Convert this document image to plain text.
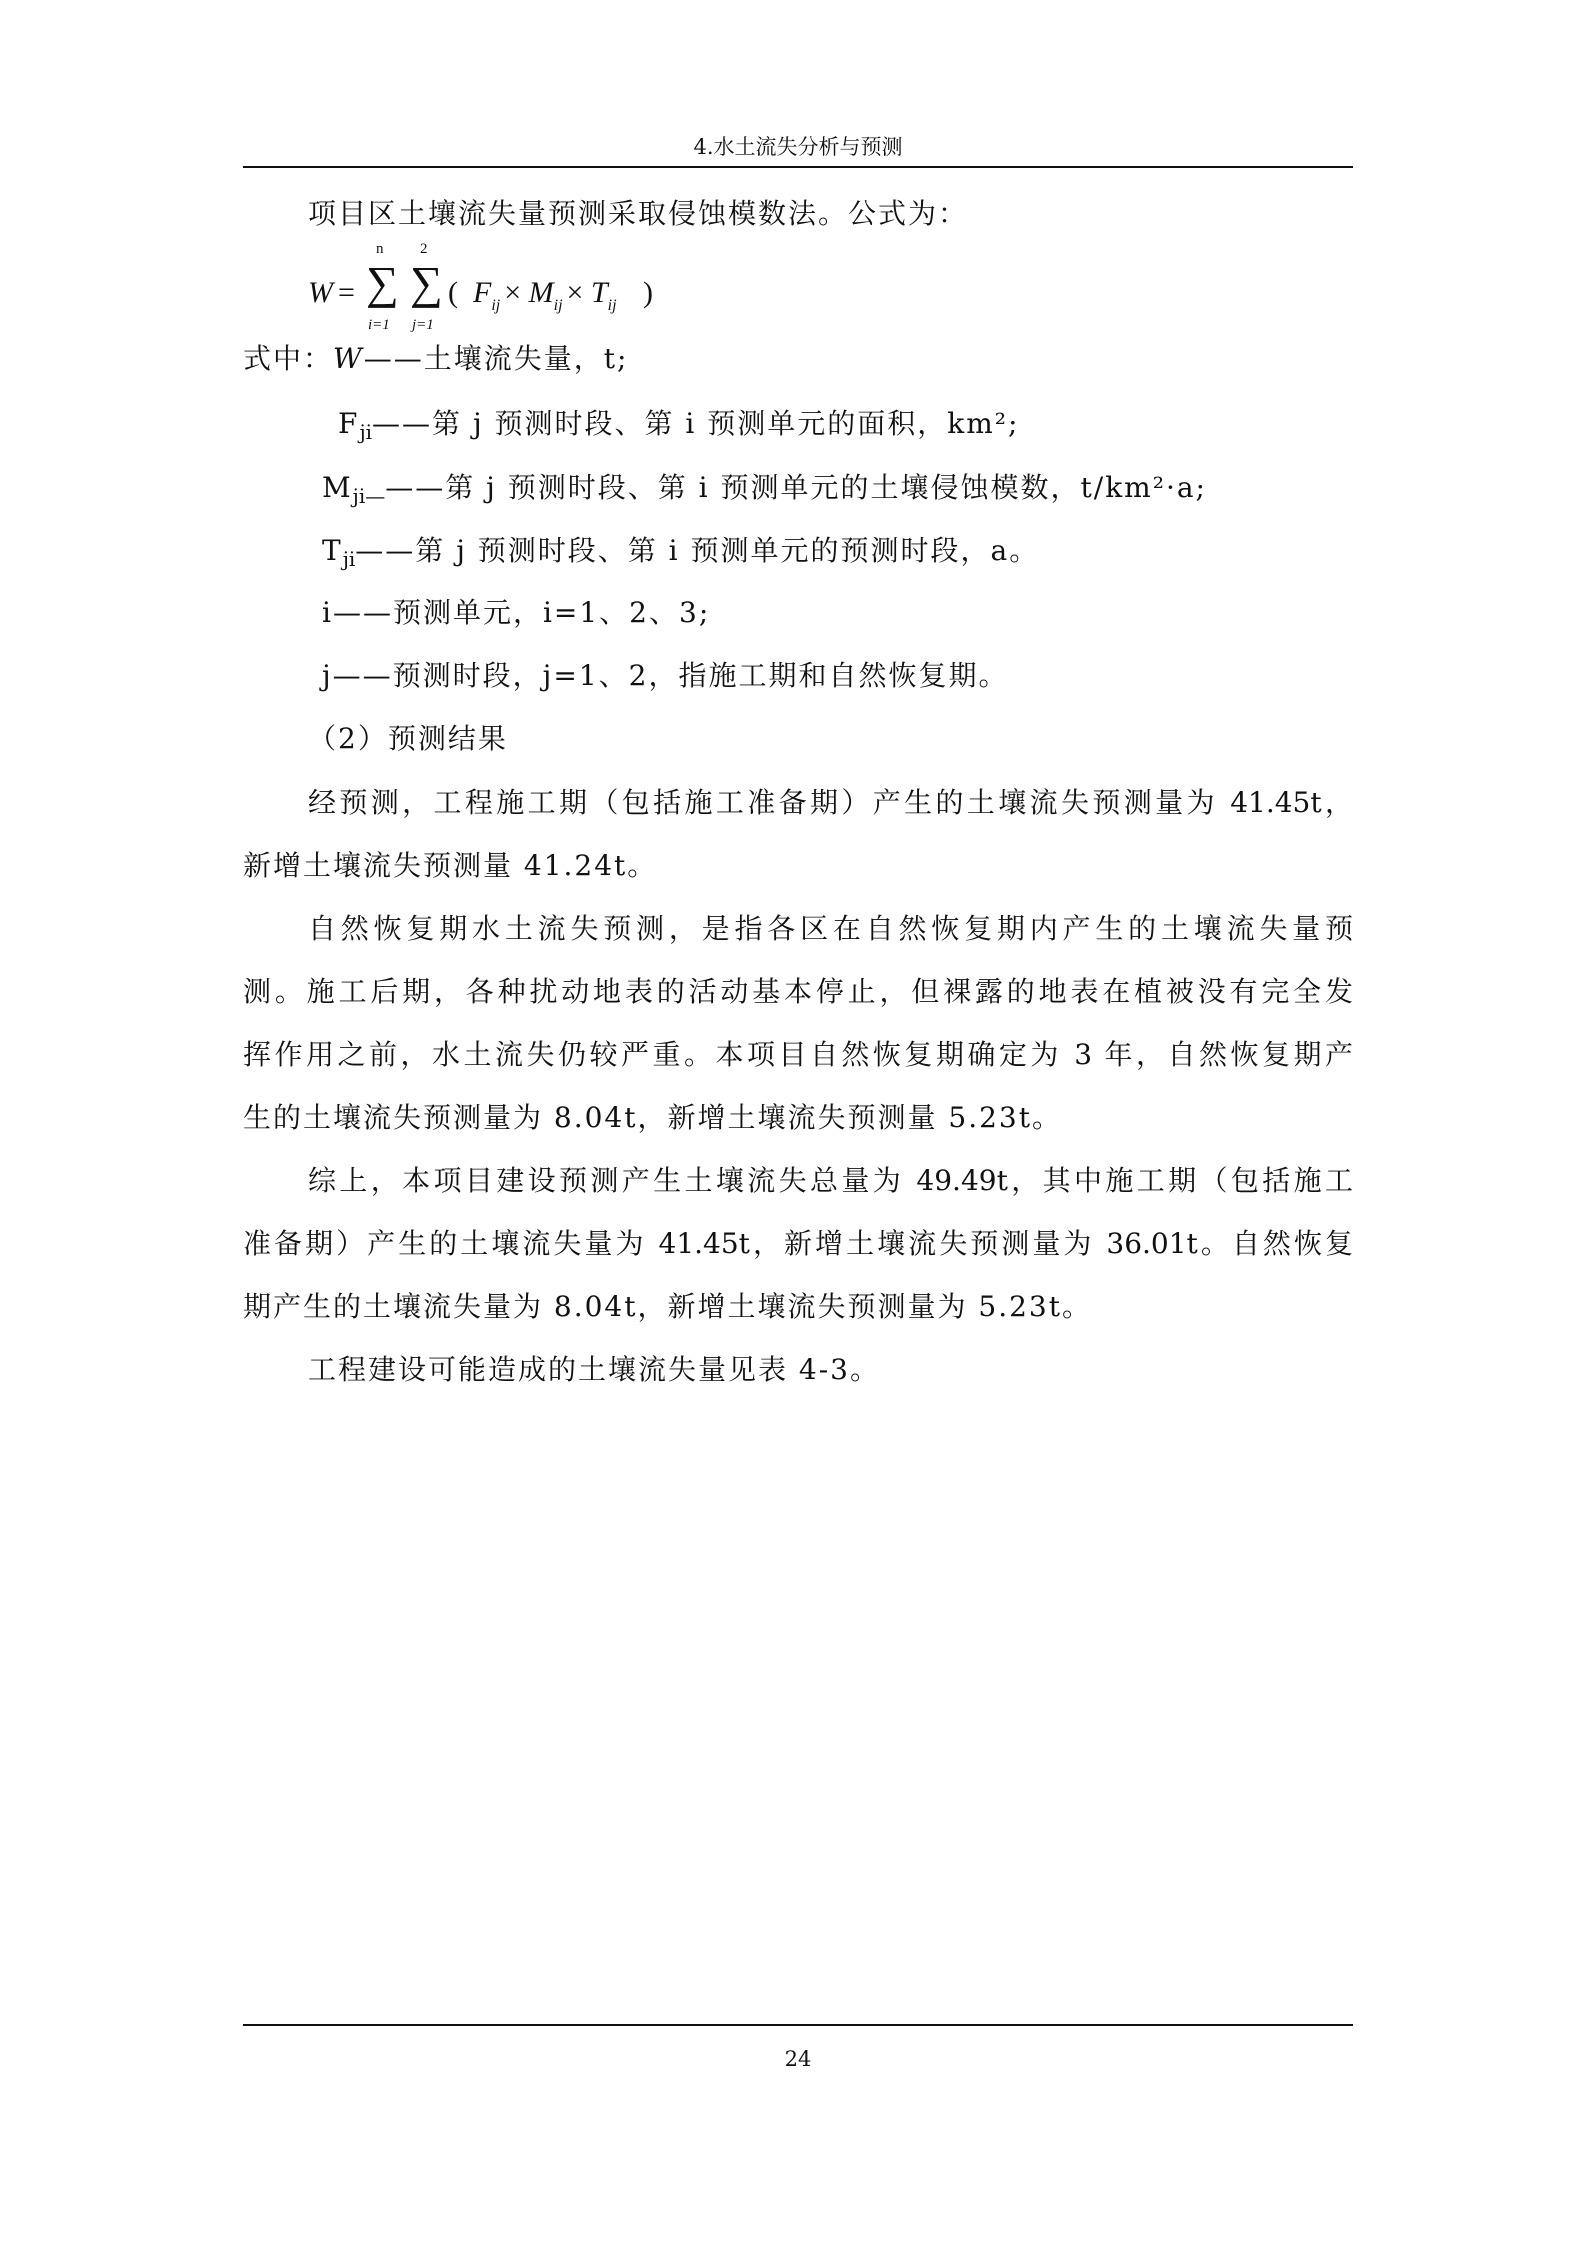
4.水土流失分析与预测
项目区土壤流失量预测采取侵蚀模数法。公式为：
W =
n
∑
i=1
2
∑
j=1
( $F_{ij} \times M_{ij} \times T_{ij}$ )
式中：W——土壤流失量，t;
$F_{ji}——$第 j 预测时段、第 i 预测单元的面积，km²;
$M_{ji—}——$第 j 预测时段、第 i 预测单元的土壤侵蚀模数，t/km²·a;
$T_{ji}——$第 j 预测时段、第 i 预测单元的预测时段，a。
i——预测单元，i=1、2、3;
j——预测时段，j=1、2，指施工期和自然恢复期。
（2）预测结果
经预测，工程施工期（包括施工准备期）产生的土壤流失预测量为 41.45t，
新增土壤流失预测量 41.24t。
自然恢复期水土流失预测，是指各区在自然恢复期内产生的土壤流失量预
测。施工后期，各种扰动地表的活动基本停止，但裸露的地表在植被没有完全发
挥作用之前，水土流失仍较严重。本项目自然恢复期确定为 3 年，自然恢复期产
生的土壤流失预测量为 8.04t，新增土壤流失预测量 5.23t。
综上，本项目建设预测产生土壤流失总量为 49.49t，其中施工期（包括施工
准备期）产生的土壤流失量为 41.45t，新增土壤流失预测量为 36.01t。自然恢复
期产生的土壤流失量为 8.04t，新增土壤流失预测量为 5.23t。
工程建设可能造成的土壤流失量见表 4-3。
24
